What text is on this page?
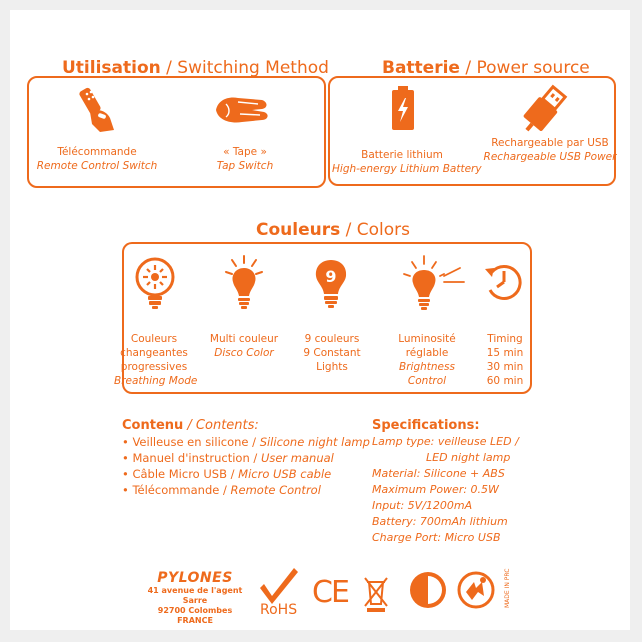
Utilisation / Switching Method
Télécommande
Remote Control Switch
« Tape »
Tap Switch
Batterie / Power source
Batterie lithium
High-energy Lithium Battery
Rechargeable par USB
Rechargeable USB Power
Couleurs / Colors
Couleurs
changeantes
progressives
Breathing Mode
Multi couleur
Disco Color
9
9 couleurs
9 Constant
Lights
Luminosité
réglable
Brightness
Control
Timing
15 min
30 min
60 min
Contenu / Contents:
• Veilleuse en silicone / Silicone night lamp
• Manuel d'instruction / User manual
• Câble Micro USB / Micro USB cable
• Télécommande / Remote Control
Specifications:
Lamp type: veilleuse LED /
LED night lamp
Material: Silicone + ABS
Maximum Power: 0.5W
Input: 5V/1200mA
Battery: 700mAh lithium
Charge Port: Micro USB
PYLONES
41 avenue de l'agent Sarre
92700 Colombes
FRANCE
RoHS CE	MADE IN PRC
